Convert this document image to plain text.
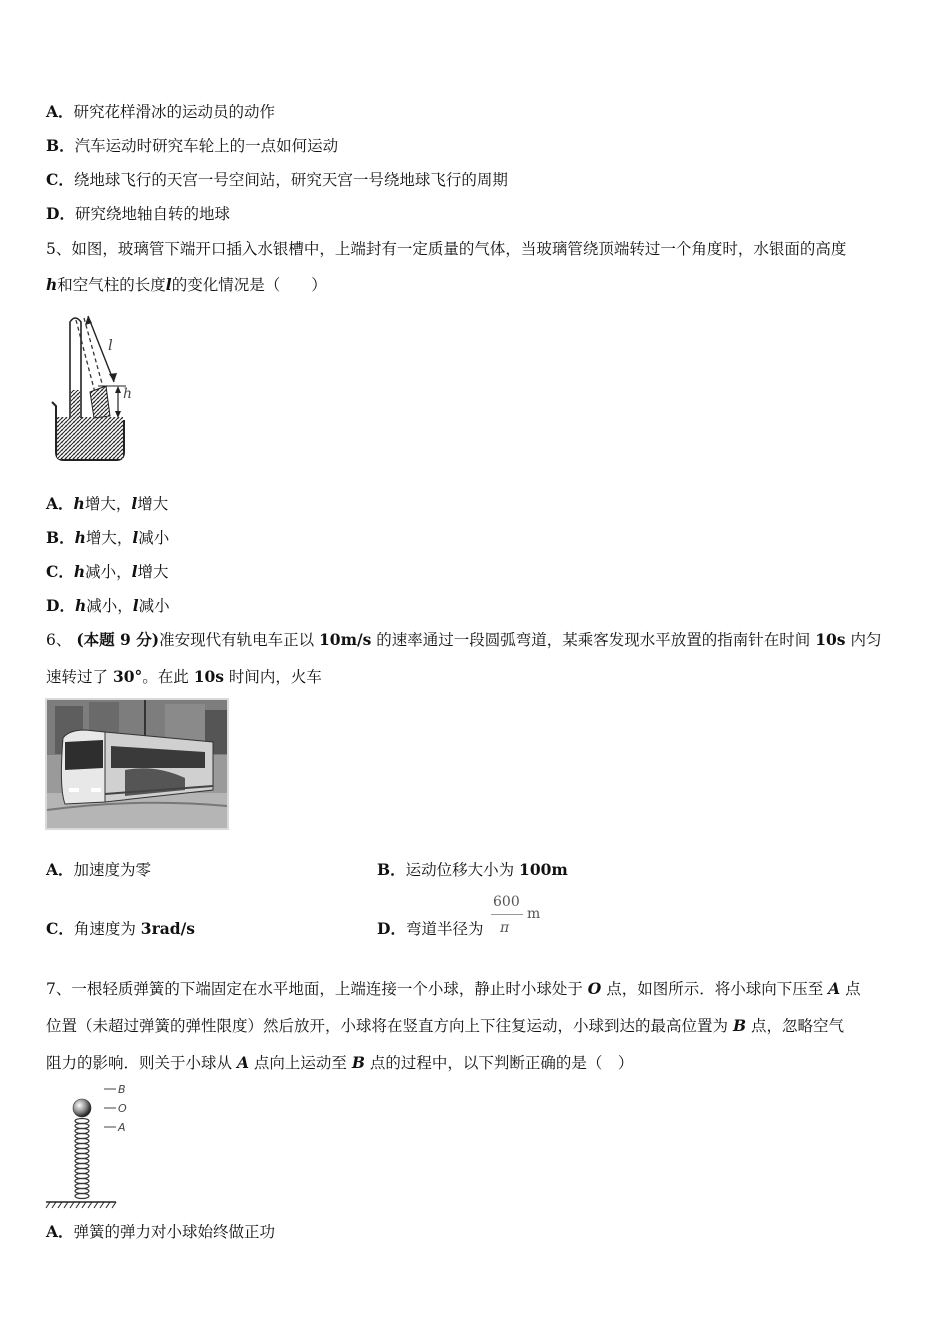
A．研究花样滑冰的运动员的动作
B．汽车运动时研究车轮上的一点如何运动
C．绕地球飞行的天宫一号空间站，研究天宫一号绕地球飞行的周期
D．研究绕地轴自转的地球
5、如图，玻璃管下端开口插入水银槽中，上端封有一定质量的气体，当玻璃管绕顶端转过一个角度时，水银面的高度
h和空气柱的长度l的变化情况是（　　）
l
h
A．h增大，l增大
B．h增大，l减小
C．h减小，l增大
D．h减小，l减小
6、 (本题 9 分)准安现代有轨电车正以 10m/s 的速率通过一段圆弧弯道，某乘客发现水平放置的指南针在时间 10s 内匀
速转过了 30°。在此 10s 时间内，火车
A．加速度为零	B．运动位移大小为 100m
C．角速度为 3rad/s	D．弯道半径为
600
π
m
7、一根轻质弹簧的下端固定在水平地面，上端连接一个小球，静止时小球处于 O 点，如图所示．将小球向下压至 A 点
位置（未超过弹簧的弹性限度）然后放开，小球将在竖直方向上下往复运动，小球到达的最高位置为 B 点，忽略空气
阻力的影响．则关于小球从 A 点向上运动至 B 点的过程中，以下判断正确的是（　）
B
O
A
A．弹簧的弹力对小球始终做正功
